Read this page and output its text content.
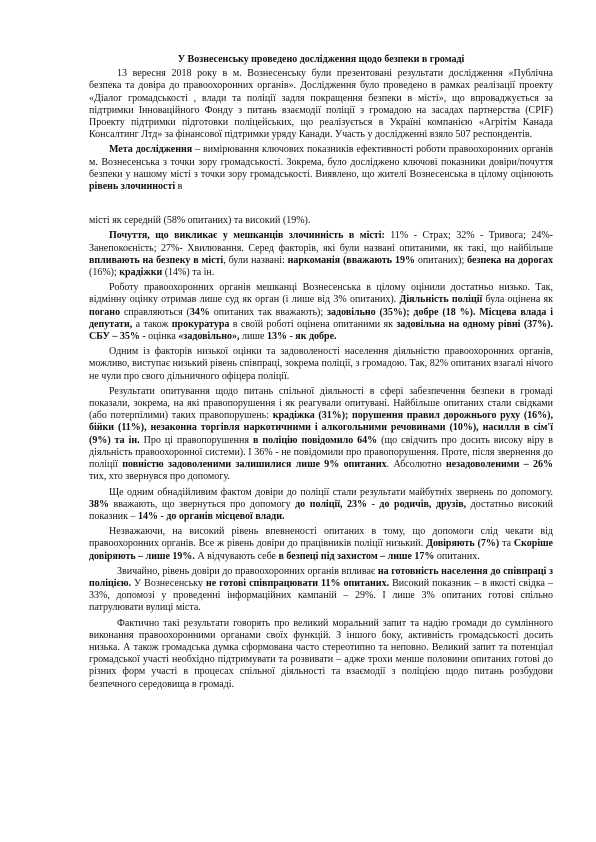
У Вознесенську проведено дослідження щодо безпеки в громаді

13 вересня 2018 року в м. Вознесенську були презентовані результати дослідження «Публічна безпека та довіра до правоохоронних органів». Дослідження було проведено в рамках реалізації проекту «Діалог громадськості , влади та поліції задля покращення безпеки в місті», що впроваджується за підтримки Інноваційного Фонду з питань взаємодії поліції з громадою на засадах партнерства (CPIF) Проекту підтримки підготовки поліцейських, що реалізується в Україні компанією «Агрітім Канада Консалтинг Лтд» за фінансової підтримки уряду Канади. Участь у дослідженні взяло 507 респондентів.

Мета дослідження – вимірювання ключових показників ефективності роботи правоохоронних органів м. Вознесенська з точки зору громадськості. Зокрема, було досліджено ключові показники довіри/почуття безпеки у нашому місті з точки зору громадськості. Виявлено, що жителі Вознесенська в цілому оцінюють рівень злочинності в

місті як середній (58% опитаних) та високий (19%).

Почуття, що викликає у мешканців злочинність в місті: 11% - Страх; 32% - Тривога; 24%- Занепокоєність; 27%- Хвилювання. Серед факторів, які були названі опитаними, як такі, що найбільше впливають на безпеку в місті, були названі: наркоманія (вважають 19% опитаних); безпека на дорогах (16%); крадіжки (14%) та ін.

Роботу правоохоронних органів мешканці Вознесенська в цілому оцінили достатньо низько. Так, відмінну оцінку отримав лише суд як орган (і лише від 3% опитаних). Діяльність поліції була оцінена як погано справляються (34% опитаних так вважають); задовільно (35%); добре (18 %). Місцева влада і депутати, а також прокуратура в своїй роботі оцінена опитаними як задовільна на одному рівні (37%). СБУ – 35% - оцінка «задовільно», лише 13% - як добре.

Одним із факторів низької оцінки та задоволеності населення діяльністю правоохоронних органів, можливо, виступає низький рівень співпраці, зокрема поліції, з громадою. Так, 82% опитаних взагалі нічого не чули про свого дільничного офіцера поліції.

Результати опитування щодо питань спільної діяльності в сфері забезпечення безпеки в громаді показали, зокрема, на які правопорушення і як реагували опитувані. Найбільше опитаних стали свідками (або потерпілими) таких правопорушень: крадіжка (31%); порушення правил дорожнього руху (16%), бійки (11%), незаконна торгівля наркотичними і алкогольними речовинами (10%), насилля в сім'ї (9%) та ін. Про ці правопорушення в поліцію повідомило 64% (що свідчить про досить високу віру в діяльність правоохоронної системи). І 36% - не повідомили про правопорушення. Проте, після звернення до поліції повністю задоволеними залишилися лише 9% опитаних. Абсолютно незадоволеними – 26% тих, хто звернувся про допомогу.

Ще одним обнадійливим фактом довіри до поліції стали результати майбутніх звернень по допомогу. 38% вважають, що звернуться про допомогу до поліції, 23% - до родичів, друзів, достатньо високий показник – 14% - до органів місцевої влади.

Незважаючи, на високий рівень впевненості опитаних в тому, що допомоги слід чекати від правоохоронних органів. Все ж рівень довіри до працівників поліції низький. Довіряють (7%) та Скоріше довіряють – лише 19%. А відчувають себе в безпеці під захистом – лише 17% опитаних.

Звичайно, рівень довіри до правоохоронних органів впливає на готовність населення до співпраці з поліцією. У Вознесенську не готові співпрацювати 11% опитаних. Високий показник – в якості свідка – 33%, допомозі у проведенні інформаційних кампаній – 29%. І лише 3% опитаних готові спільно патрулювати вулиці міста.

Фактично такі результати говорять про великий моральний запит та надію громади до сумлінного виконання правоохоронними органами своїх функцій. З іншого боку, активність громадськості досить низька. А також громадська думка сформована часто стереотипно та неповно. Великий запит та потенціал громадської участі необхідно підтримувати та розвивати – адже трохи менше половини опитаних готові до різних форм участі в процесах спільної діяльності та взаємодії з поліцією щодо питань розбудови безпечного середовища в громаді.
